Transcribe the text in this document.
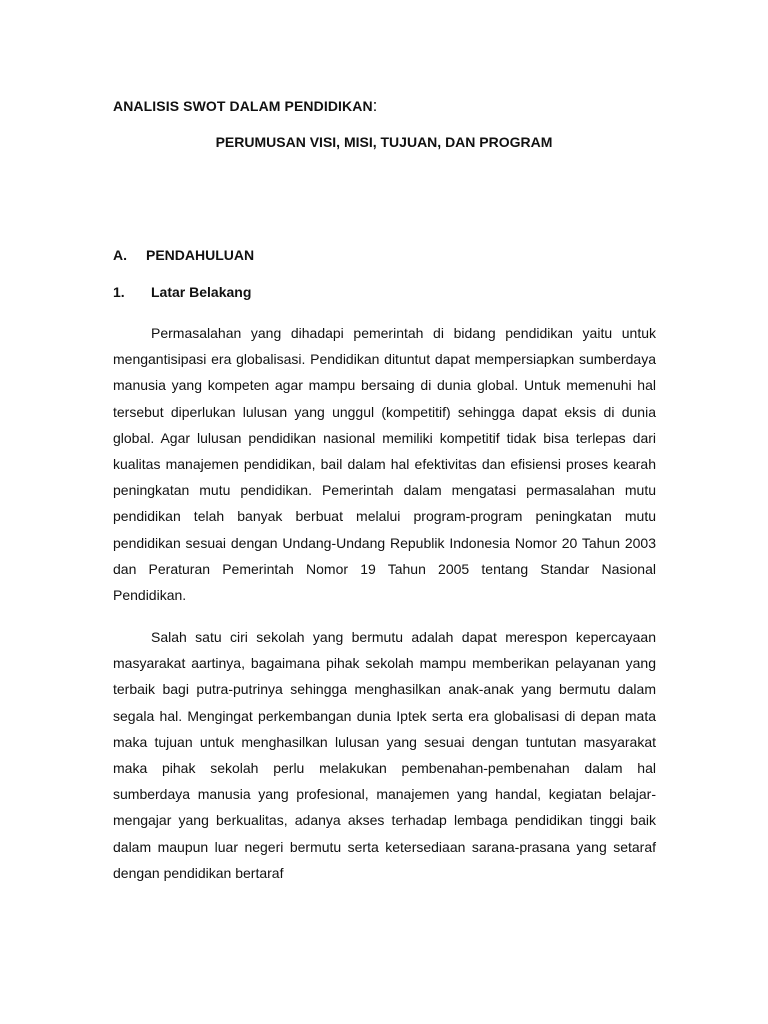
ANALISIS SWOT DALAM PENDIDIKAN:
PERUMUSAN VISI, MISI, TUJUAN, DAN PROGRAM
A. PENDAHULUAN
1. Latar Belakang

Permasalahan yang dihadapi pemerintah di bidang pendidikan yaitu untuk mengantisipasi era globalisasi. Pendidikan dituntut dapat mempersiapkan sumberdaya manusia yang kompeten agar mampu bersaing di dunia global. Untuk memenuhi hal tersebut diperlukan lulusan yang unggul (kompetitif) sehingga dapat eksis di dunia global. Agar lulusan pendidikan nasional memiliki kompetitif tidak bisa terlepas dari kualitas manajemen pendidikan, bail dalam hal efektivitas dan efisiensi proses kearah peningkatan mutu pendidikan. Pemerintah dalam mengatasi permasalahan mutu pendidikan telah banyak berbuat melalui program-program peningkatan mutu pendidikan sesuai dengan Undang-Undang Republik Indonesia Nomor 20 Tahun 2003 dan Peraturan Pemerintah Nomor 19 Tahun 2005 tentang Standar Nasional Pendidikan.

Salah satu ciri sekolah yang bermutu adalah dapat merespon kepercayaan masyarakat aartinya, bagaimana pihak sekolah mampu memberikan pelayanan yang terbaik bagi putra-putrinya sehingga menghasilkan anak-anak yang bermutu dalam segala hal. Mengingat perkembangan dunia Iptek serta era globalisasi di depan mata maka tujuan untuk menghasilkan lulusan yang sesuai dengan tuntutan masyarakat maka pihak sekolah perlu melakukan pembenahan-pembenahan dalam hal sumberdaya manusia yang profesional, manajemen yang handal, kegiatan belajar-mengajar yang berkualitas, adanya akses terhadap lembaga pendidikan tinggi baik dalam maupun luar negeri bermutu serta ketersediaan sarana-prasana yang setaraf dengan pendidikan bertaraf
